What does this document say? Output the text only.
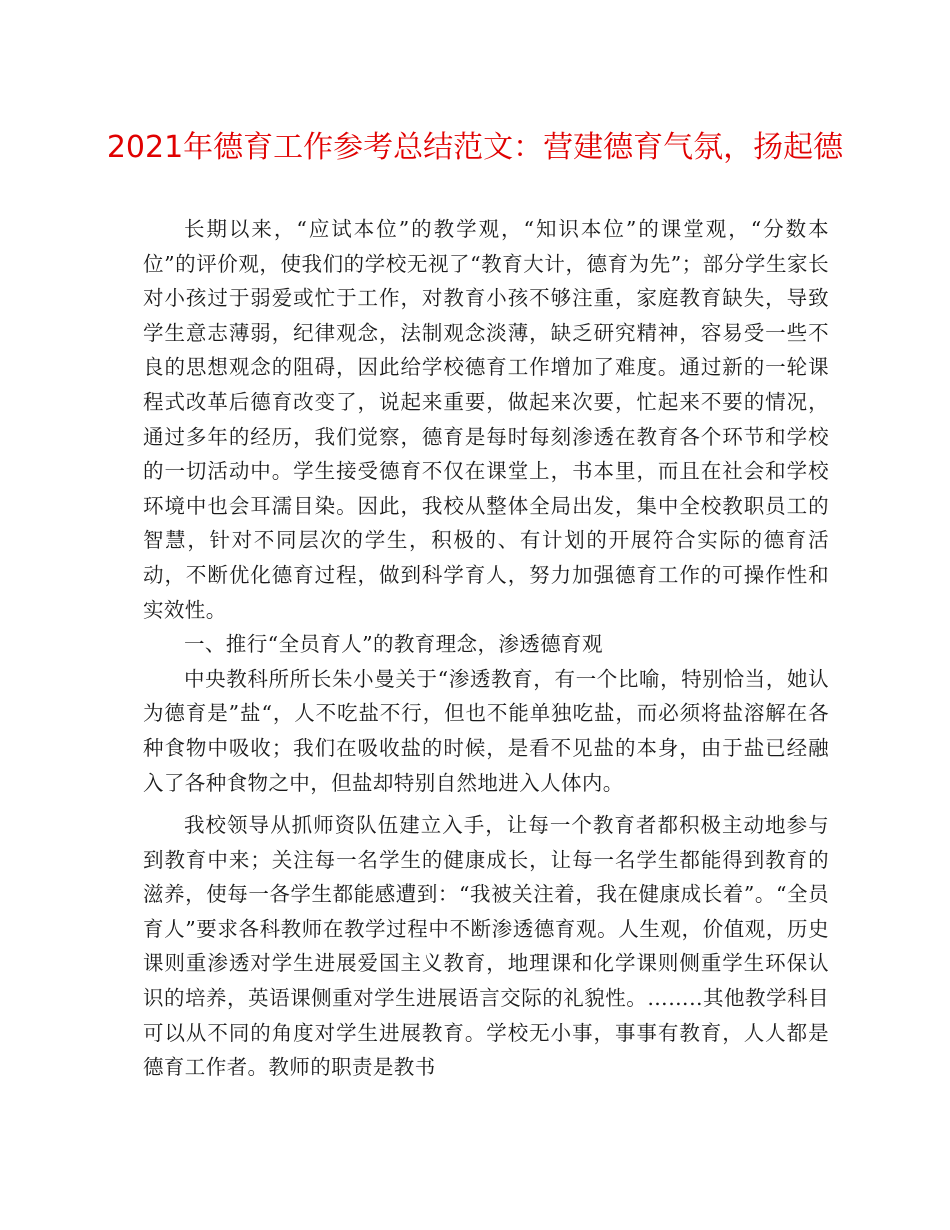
2021年德育工作参考总结范文：营建德育气氛，扬起德

长期以来，“应试本位”的教学观，“知识本位”的课堂观，“分数本位”的评价观，使我们的学校无视了“教育大计，德育为先”；部分学生家长对小孩过于弱爱或忙于工作，对教育小孩不够注重，家庭教育缺失，导致学生意志薄弱，纪律观念，法制观念淡薄，缺乏研究精神，容易受一些不良的思想观念的阻碍，因此给学校德育工作增加了难度。通过新的一轮课程式改革后德育改变了，说起来重要，做起来次要，忙起来不要的情况，通过多年的经历，我们觉察，德育是每时每刻渗透在教育各个环节和学校的一切活动中。学生接受德育不仅在课堂上，书本里，而且在社会和学校环境中也会耳濡目染。因此，我校从整体全局出发，集中全校教职员工的智慧，针对不同层次的学生，积极的、有计划的开展符合实际的德育活动，不断优化德育过程，做到科学育人，努力加强德育工作的可操作性和实效性。

一、推行“全员育人”的教育理念，渗透德育观

中央教科所所长朱小曼关于“渗透教育，有一个比喻，特别恰当，她认为德育是”盐“，人不吃盐不行，但也不能单独吃盐，而必须将盐溶解在各种食物中吸收；我们在吸收盐的时候，是看不见盐的本身，由于盐已经融入了各种食物之中，但盐却特别自然地进入人体内。

我校领导从抓师资队伍建立入手，让每一个教育者都积极主动地参与到教育中来；关注每一名学生的健康成长，让每一名学生都能得到教育的滋养，使每一各学生都能感遭到：“我被关注着，我在健康成长着”。“全员育人”要求各科教师在教学过程中不断渗透德育观。人生观，价值观，历史课则重渗透对学生进展爱国主义教育，地理课和化学课则侧重学生环保认识的培养，英语课侧重对学生进展语言交际的礼貌性。……..其他教学科目可以从不同的角度对学生进展教育。学校无小事，事事有教育，人人都是德育工作者。教师的职责是教书
